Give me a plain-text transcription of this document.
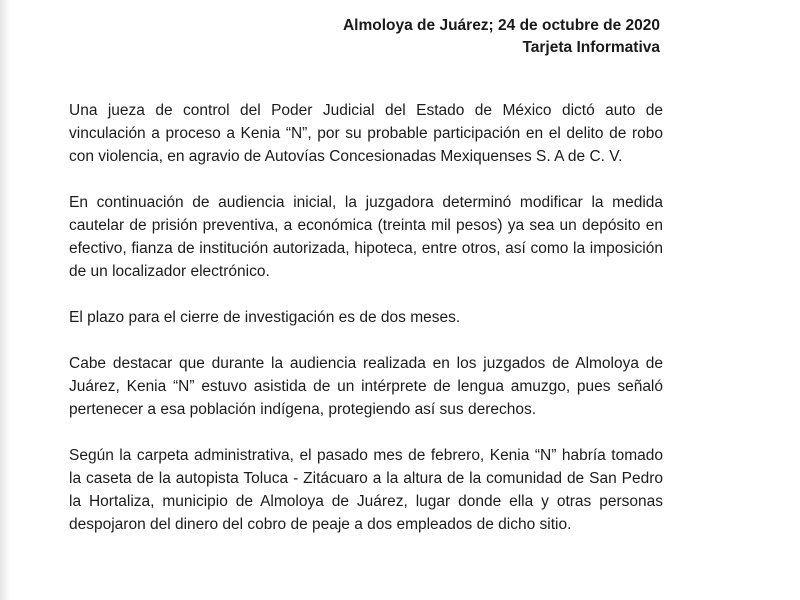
Almoloya de Juárez; 24 de octubre de 2020
Tarjeta Informativa

Una jueza de control del Poder Judicial del Estado de México dictó auto de vinculación a proceso a Kenia “N”, por su probable participación en el delito de robo con violencia, en agravio de Autovías Concesionadas Mexiquenses S. A de C. V.

En continuación de audiencia inicial, la juzgadora determinó modificar la medida cautelar de prisión preventiva, a económica (treinta mil pesos) ya sea un depósito en efectivo, fianza de institución autorizada, hipoteca, entre otros, así como la imposición de un localizador electrónico.

El plazo para el cierre de investigación es de dos meses.

Cabe destacar que durante la audiencia realizada en los juzgados de Almoloya de Juárez, Kenia “N” estuvo asistida de un intérprete de lengua amuzgo, pues señaló pertenecer a esa población indígena, protegiendo así sus derechos.

Según la carpeta administrativa, el pasado mes de febrero, Kenia “N” habría tomado la caseta de la autopista Toluca - Zitácuaro a la altura de la comunidad de San Pedro la Hortaliza, municipio de Almoloya de Juárez, lugar donde ella y otras personas despojaron del dinero del cobro de peaje a dos empleados de dicho sitio.
